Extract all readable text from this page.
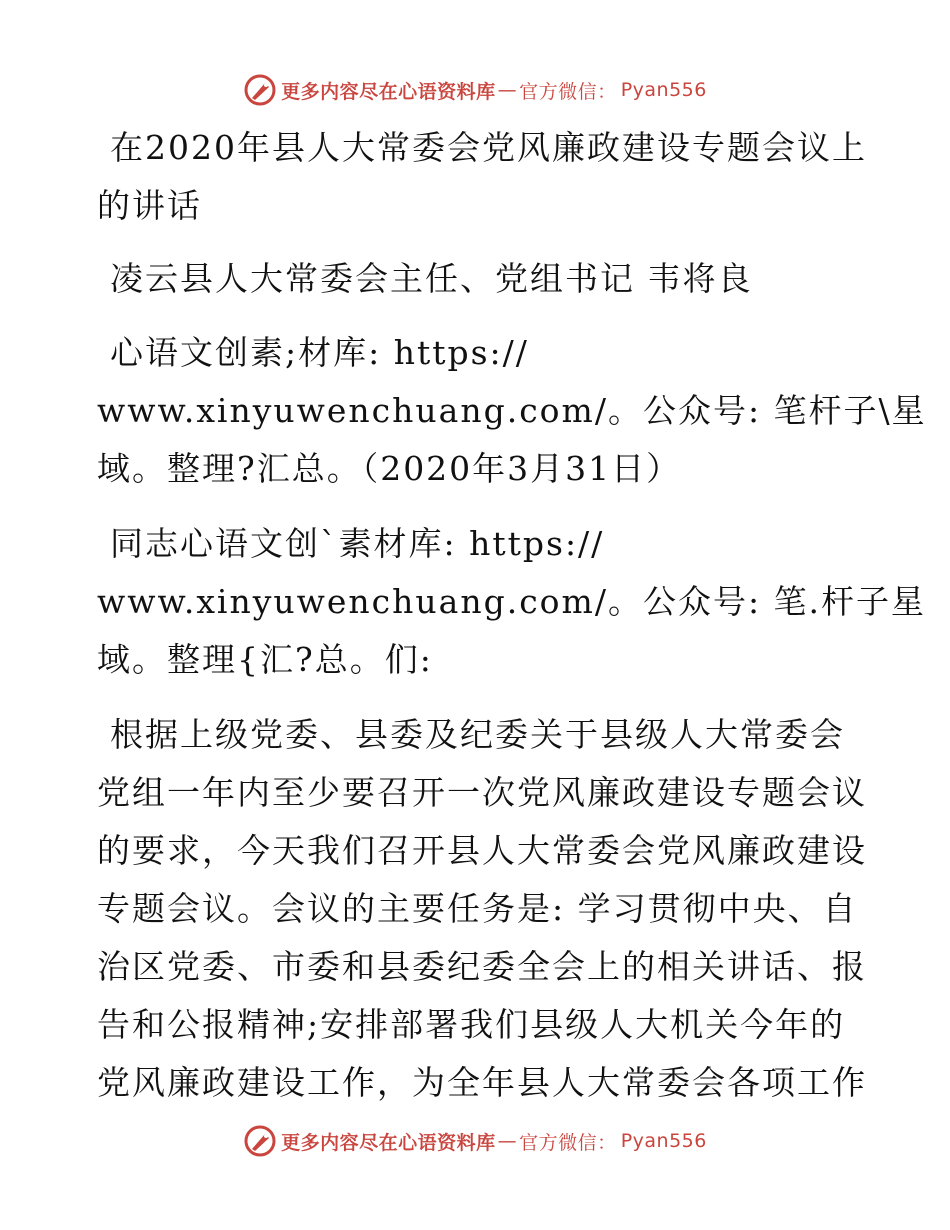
更多内容尽在心语资料库 — 官方微信： Pyan556
在2020年县人大常委会党风廉政建设专题会议上
的讲话
凌云县人大常委会主任、党组书记 韦将良
心语文创素;材库: https://
www.xinyuwenchuang.com/。公众号: 笔杆子\星
域。整理?汇总。（2020年3月31日）
同志心语文创`素材库: https://
www.xinyuwenchuang.com/。公众号: 笔.杆子星
域。整理{汇?总。们:
根据上级党委、县委及纪委关于县级人大常委会
党组一年内至少要召开一次党风廉政建设专题会议
的要求，今天我们召开县人大常委会党风廉政建设
专题会议。会议的主要任务是: 学习贯彻中央、自
治区党委、市委和县委纪委全会上的相关讲话、报
告和公报精神;安排部署我们县级人大机关今年的
党风廉政建设工作，为全年县人大常委会各项工作
更多内容尽在心语资料库 — 官方微信： Pyan556
